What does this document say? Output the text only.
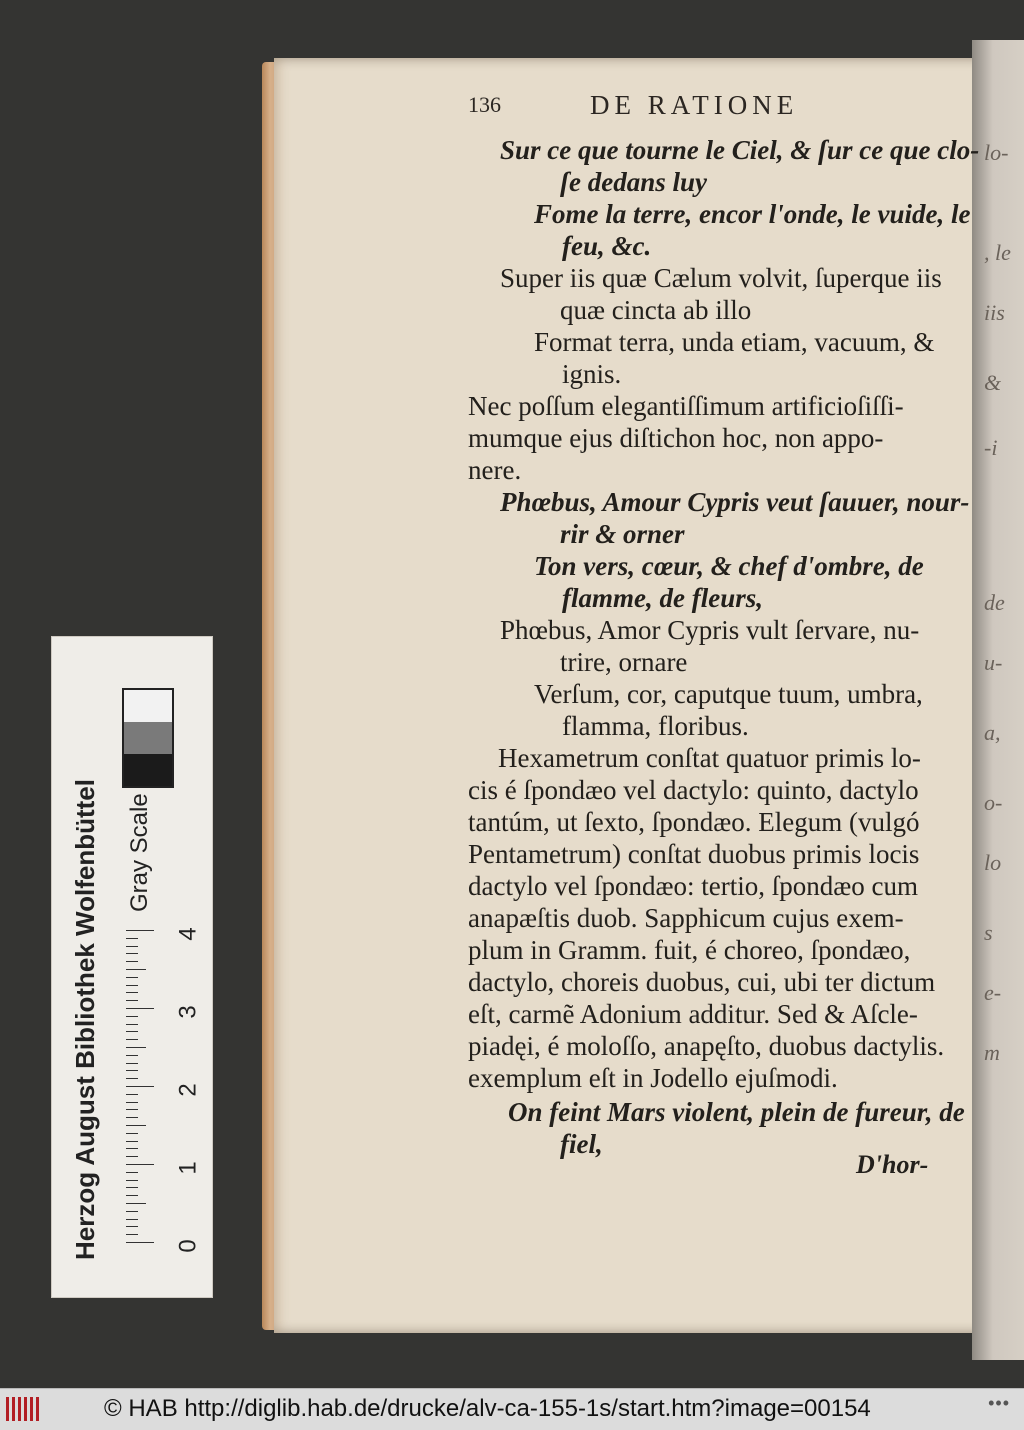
lo-
, le
iis
&
-i
de
u-
a,
o-
lo
s
e-
m
136	DE RATIONE
Sur ce que tourne le Ciel, & ſur ce que clo-
ſe dedans luy
Fome la terre, encor l'onde, le vuide, le
feu, &c.
Super iis quæ Cælum volvit, ſuperque iis
quæ cincta ab illo
Format terra, unda etiam, vacuum, &
ignis.
Nec poſſum elegantiſſimum artificioſiſſi-
mumque ejus diſtichon hoc, non appo-
nere.
Phœbus, Amour Cypris veut ſauuer, nour-
rir & orner
Ton vers, cœur, & chef d'ombre, de
flamme, de fleurs,
Phœbus, Amor Cypris vult ſervare, nu-
trire, ornare
Verſum, cor, caputque tuum, umbra,
flamma, floribus.
Hexametrum conſtat quatuor primis lo-
cis é ſpondæo vel dactylo: quinto, dactylo
tantúm, ut ſexto, ſpondæo. Elegum (vulgó
Pentametrum) conſtat duobus primis locis
dactylo vel ſpondæo: tertio, ſpondæo cum
anapæſtis duob. Sapphicum cujus exem-
plum in Gramm. fuit, é choreo, ſpondæo,
dactylo, choreis duobus, cui, ubi ter dictum
eſt, carmẽ Adonium additur. Sed & Aſcle-
piadęi, é moloſſo, anapęſto, duobus dactylis.
exemplum eſt in Jodello ejuſmodi.
On feint Mars violent, plein de fureur, de
fiel,
D'hor-
Herzog August Bibliothek Wolfenbüttel Gray Scale
0
1
2
3
4
© HAB http://diglib.hab.de/drucke/alv-ca-155-1s/start.htm?image=00154	•••
